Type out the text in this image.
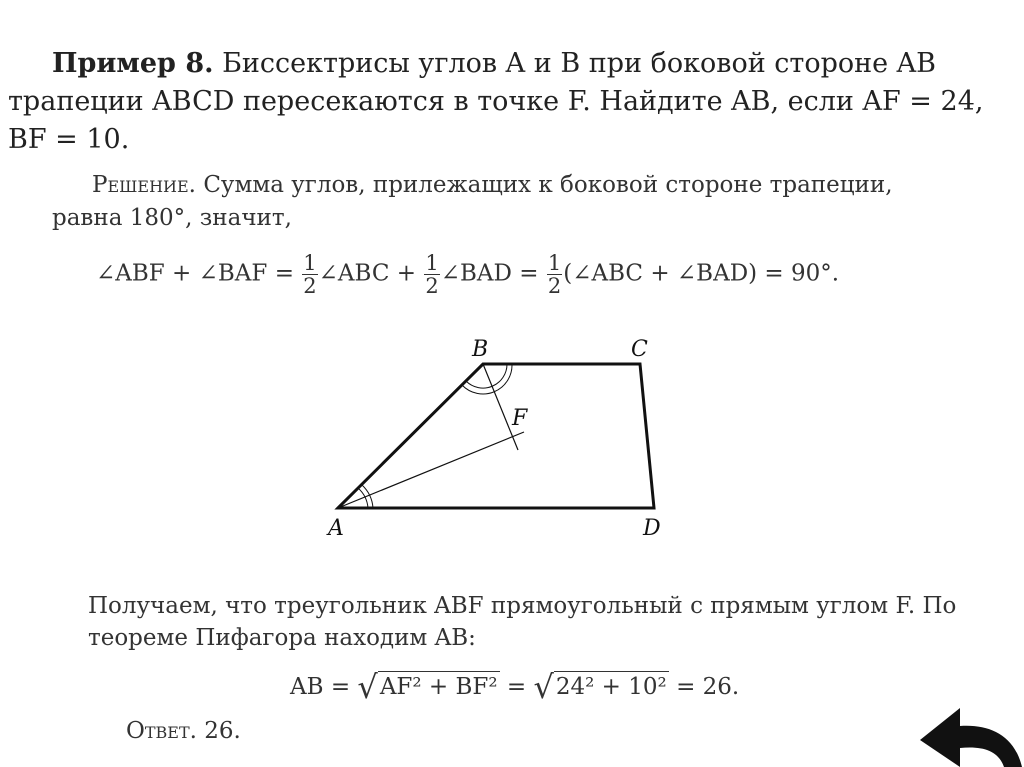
Пример 8. Биссектрисы углов A и B при боковой стороне AB
трапеции ABCD пересекаются в точке F. Найдите AB, если AF = 24,
BF = 10.
Решение. Сумма углов, прилежащих к боковой стороне трапеции,
равна 180°, значит,
∠ABF + ∠BAF = $\frac{1}{2}$ ∠ABC + $\frac{1}{2}$ ∠BAD = $\frac{1}{2}$ (∠ABC + ∠BAD) = 90°.
A
B	C
D
F
Получаем, что треугольник ABF прямоугольный с прямым углом F. По
теореме Пифагора находим AB:
AB = √AF² + BF² = √24² + 10² = 26.
Ответ. 26.
